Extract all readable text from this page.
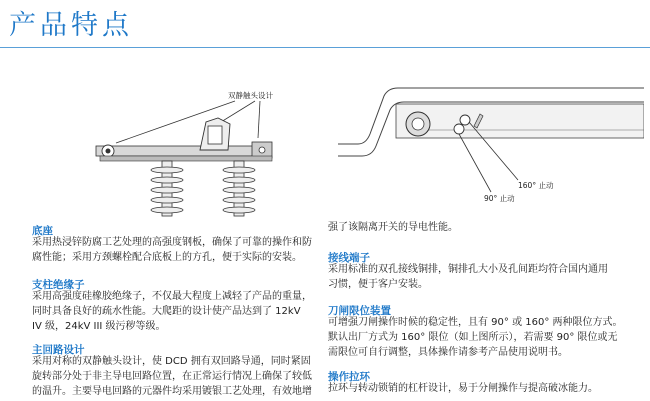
产品特点
双静触头设计
160° 止动
90° 止动
底座
采用热浸锌防腐工艺处理的高强度钢板，确保了可靠的操作和防
腐性能；采用方颈螺栓配合底板上的方孔，便于实际的安装。
支柱绝缘子
采用高强度硅橡胶绝缘子，不仅最大程度上减轻了产品的重量，
同时具备良好的疏水性能。大爬距的设计使产品达到了 12kV
IV 级，24kV III 级污秽等级。
主回路设计
采用对称的双静触头设计，使 DCD 拥有双回路导通，同时紧固
旋转部分处于非主导电回路位置，在正常运行情况上确保了较低
的温升。主要导电回路的元器件均采用镀银工艺处理，有效地增
强了该隔离开关的导电性能。
接线端子
采用标准的双孔接线铜排，铜排孔大小及孔间距均符合国内通用
习惯，便于客户安装。
刀闸限位装置
可增强刀闸操作时候的稳定性，且有 90° 或 160° 两种限位方式。
默认出厂方式为 160° 限位（如上图所示），若需要 90° 限位或无
需限位可自行调整，具体操作请参考产品使用说明书。
操作拉环
拉环与转动锁销的杠杆设计，易于分闸操作与提高破冰能力。
